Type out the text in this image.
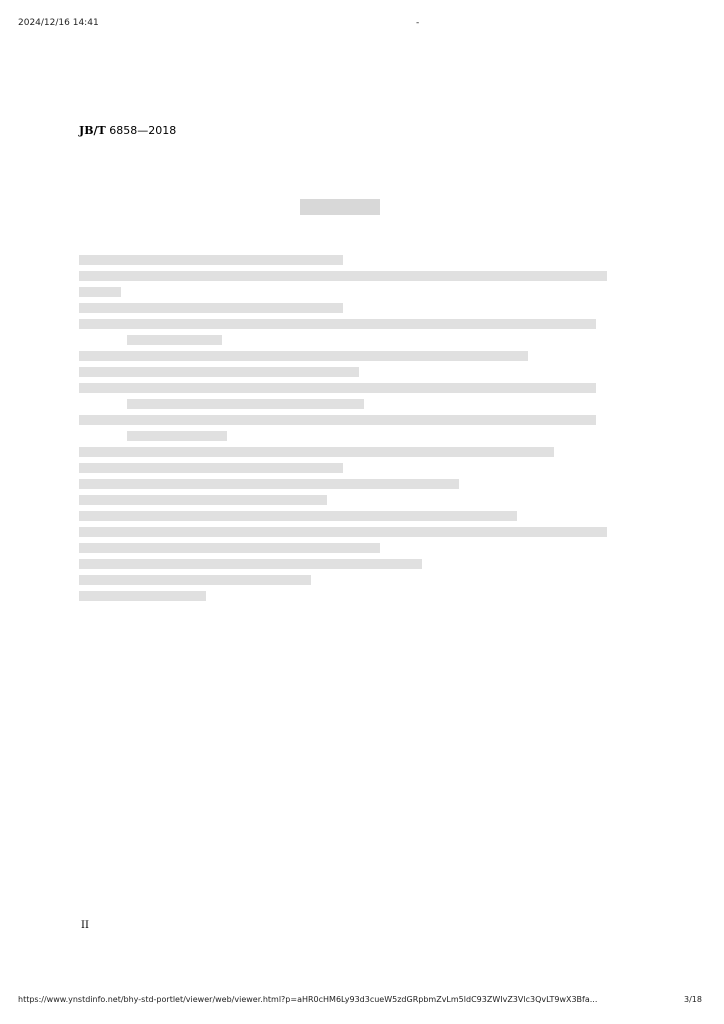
2024/12/16 14:41	-
JB/T 6858—2018
II
https://www.ynstdinfo.net/bhy-std-portlet/viewer/web/viewer.html?p=aHR0cHM6Ly93d3cueW5zdGRpbmZvLm5ldC93ZWIvZ3Vlc3QvLT9wX3Bfa...	3/18
